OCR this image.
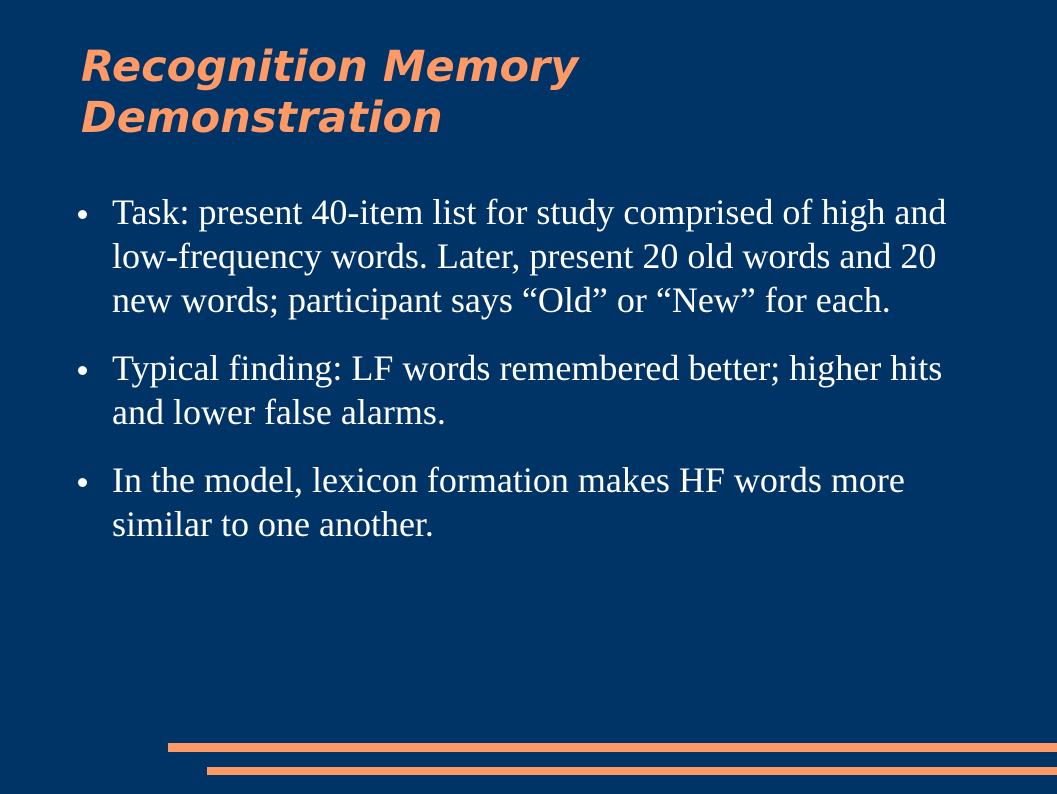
Recognition Memory
Demonstration
Task: present 40-item list for study comprised of high and low-frequency words. Later, present 20 old words and 20 new words; participant says “Old” or “New” for each.
Typical finding: LF words remembered better; higher hits and lower false alarms.
In the model, lexicon formation makes HF words more similar to one another.
